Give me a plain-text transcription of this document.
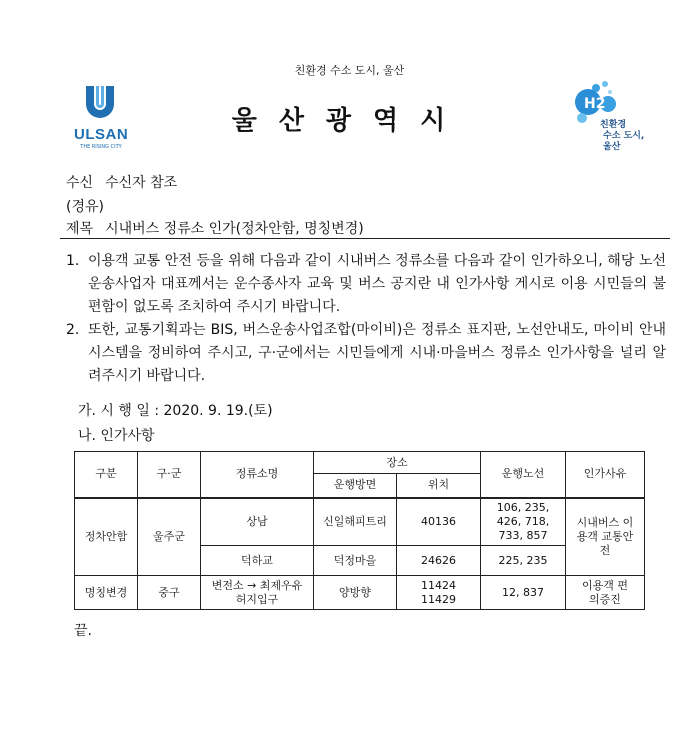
친환경 수소 도시, 울산
ULSAN
THE RISING CITY
울산광역시
H2
친환경
수소 도시,
울산
수신 수신자 참조
(경유)
제목 시내버스 정류소 인가(정차안함, 명칭변경)
1. 이용객 교통 안전 등을 위해 다음과 같이 시내버스 정류소를 다음과 같이 인가하오니, 해당 노선 운송사업자 대표께서는 운수종사자 교육 및 버스 공지란 내 인가사항 게시로 이용 시민들의 불편함이 없도록 조치하여 주시기 바랍니다.
2. 또한, 교통기획과는 BIS, 버스운송사업조합(마이비)은 정류소 표지판, 노선안내도, 마이비 안내 시스템을 정비하여 주시고, 구·군에서는 시민들에게 시내·마을버스 정류소 인가사항을 널리 알려주시기 바랍니다.
가. 시 행 일 : 2020. 9. 19.(토)
나. 인가사항
구분	구·군	정류소명	장소		운행노선	인가사유
			운행방면	위치		
정차안함	울주군	상남	신일해피트리	40136	106, 235, 426, 718, 733, 857	시내버스 이용객 교통안전
		덕하교	덕정마을	24626	225, 235	
명칭변경	중구	변전소 → 최제우유허지입구	양방향	11424 11429	12, 837	이용객 편의증진
끝.
